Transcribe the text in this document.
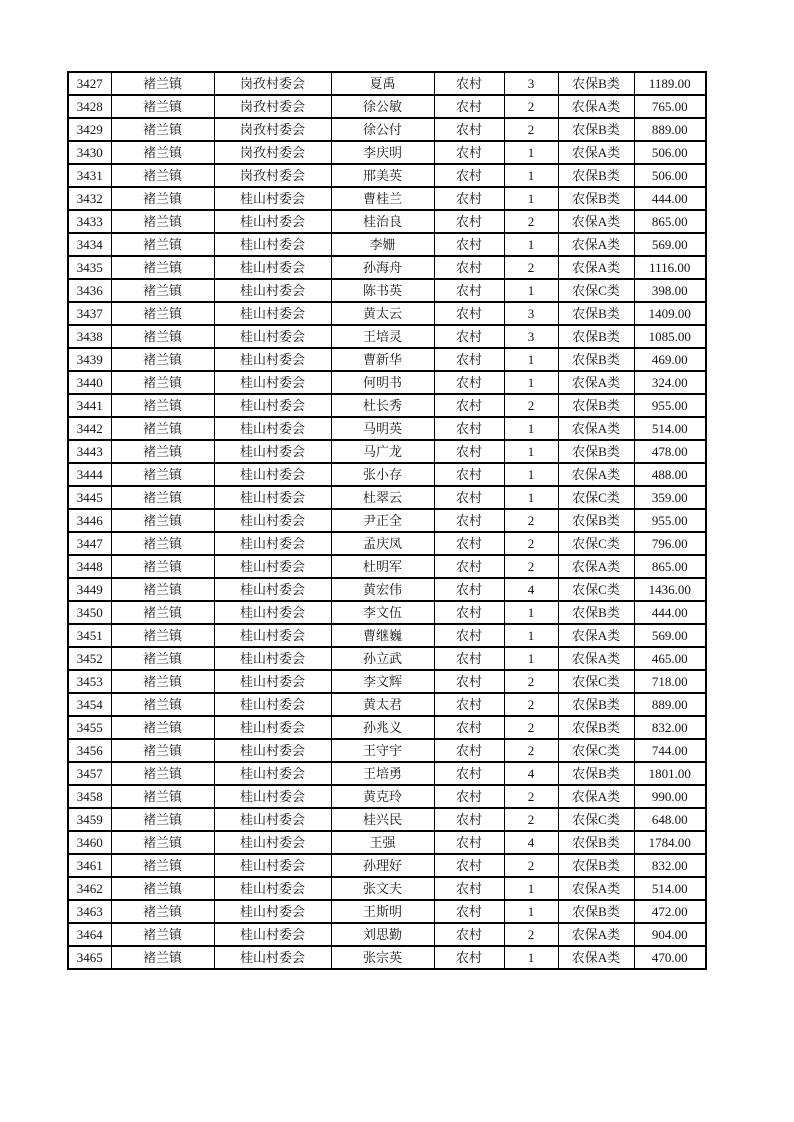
3427	褚兰镇	岗孜村委会	夏禹	农村	3	农保B类	1189.00
3428	褚兰镇	岗孜村委会	徐公敏	农村	2	农保A类	765.00
3429	褚兰镇	岗孜村委会	徐公付	农村	2	农保B类	889.00
3430	褚兰镇	岗孜村委会	李庆明	农村	1	农保A类	506.00
3431	褚兰镇	岗孜村委会	邢美英	农村	1	农保B类	506.00
3432	褚兰镇	桂山村委会	曹桂兰	农村	1	农保B类	444.00
3433	褚兰镇	桂山村委会	桂治良	农村	2	农保A类	865.00
3434	褚兰镇	桂山村委会	李姗	农村	1	农保A类	569.00
3435	褚兰镇	桂山村委会	孙海舟	农村	2	农保A类	1116.00
3436	褚兰镇	桂山村委会	陈书英	农村	1	农保C类	398.00
3437	褚兰镇	桂山村委会	黄太云	农村	3	农保B类	1409.00
3438	褚兰镇	桂山村委会	王培灵	农村	3	农保B类	1085.00
3439	褚兰镇	桂山村委会	曹新华	农村	1	农保B类	469.00
3440	褚兰镇	桂山村委会	何明书	农村	1	农保A类	324.00
3441	褚兰镇	桂山村委会	杜长秀	农村	2	农保B类	955.00
3442	褚兰镇	桂山村委会	马明英	农村	1	农保A类	514.00
3443	褚兰镇	桂山村委会	马广龙	农村	1	农保B类	478.00
3444	褚兰镇	桂山村委会	张小存	农村	1	农保A类	488.00
3445	褚兰镇	桂山村委会	杜翠云	农村	1	农保C类	359.00
3446	褚兰镇	桂山村委会	尹正全	农村	2	农保B类	955.00
3447	褚兰镇	桂山村委会	孟庆凤	农村	2	农保C类	796.00
3448	褚兰镇	桂山村委会	杜明军	农村	2	农保A类	865.00
3449	褚兰镇	桂山村委会	黄宏伟	农村	4	农保C类	1436.00
3450	褚兰镇	桂山村委会	李文伍	农村	1	农保B类	444.00
3451	褚兰镇	桂山村委会	曹继巍	农村	1	农保A类	569.00
3452	褚兰镇	桂山村委会	孙立武	农村	1	农保A类	465.00
3453	褚兰镇	桂山村委会	李文辉	农村	2	农保C类	718.00
3454	褚兰镇	桂山村委会	黄太君	农村	2	农保B类	889.00
3455	褚兰镇	桂山村委会	孙兆义	农村	2	农保B类	832.00
3456	褚兰镇	桂山村委会	王守宇	农村	2	农保C类	744.00
3457	褚兰镇	桂山村委会	王培勇	农村	4	农保B类	1801.00
3458	褚兰镇	桂山村委会	黄克玲	农村	2	农保A类	990.00
3459	褚兰镇	桂山村委会	桂兴民	农村	2	农保C类	648.00
3460	褚兰镇	桂山村委会	王强	农村	4	农保B类	1784.00
3461	褚兰镇	桂山村委会	孙理好	农村	2	农保B类	832.00
3462	褚兰镇	桂山村委会	张文夫	农村	1	农保A类	514.00
3463	褚兰镇	桂山村委会	王斯明	农村	1	农保B类	472.00
3464	褚兰镇	桂山村委会	刘思勤	农村	2	农保A类	904.00
3465	褚兰镇	桂山村委会	张宗英	农村	1	农保A类	470.00
